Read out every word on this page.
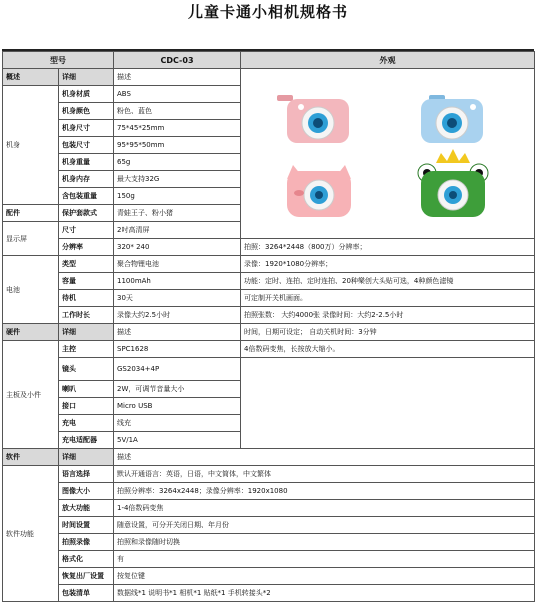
儿童卡通小相机规格书
型号		CDC-03	外观	
概述	详细	描述	

机身	机身材质	ABS		
	机身颜色	粉色、蓝色		
	机身尺寸	75*45*25mm		
	包装尺寸	95*95*50mm		
	机身重量	65g		
	机身内存	最大支持32G		
	含包装重量	150g		
配件	保护套款式	青蛙王子、粉小猪		
显示屏	尺寸	2吋高清屏	
	分辨率	320* 240	拍照：3264*2448（800万）分辨率；	
电池	类型	聚合物锂电池	录像：1920*1080分辨率；	
	容量	1100mAh	功能：定时、连拍、定时连拍、20种樂创大头贴可选，4种颜色滤镜	
	待机	30天	可定制开关机画面。	
	工作时长	录像大约2.5小时	拍照张数： 大约4000张 录像时间：大约2-2.5小时	
硬件	详细	描述	时间，日期可设定； 自动关机时间：3分钟	
主板及小件	主控	SPC1628	4倍数码变焦，长按放大缩小。	
	镜头	GS2034+4P		
	喇叭	2W，可调节音量大小		
	接口	Micro USB		
	充电	线充		
	充电适配器	5V/1A		
软件	详细	描述		
软件功能	语言选择	默认开通语言：英语，日语，中文简体，中文繁体		
	图像大小	拍照分辨率：3264x2448；录像分辨率：1920x1080		
	放大功能	1-4倍数码变焦		
	时间设置	随意设置，可分开关闭日期、年月份		
	拍照录像	拍照和录像随时切换		
	格式化	有		
	恢复出厂设置	按复位键		
	包装清单	数据线*1 说明书*1 相机*1 贴纸*1 手机转接头*2		
